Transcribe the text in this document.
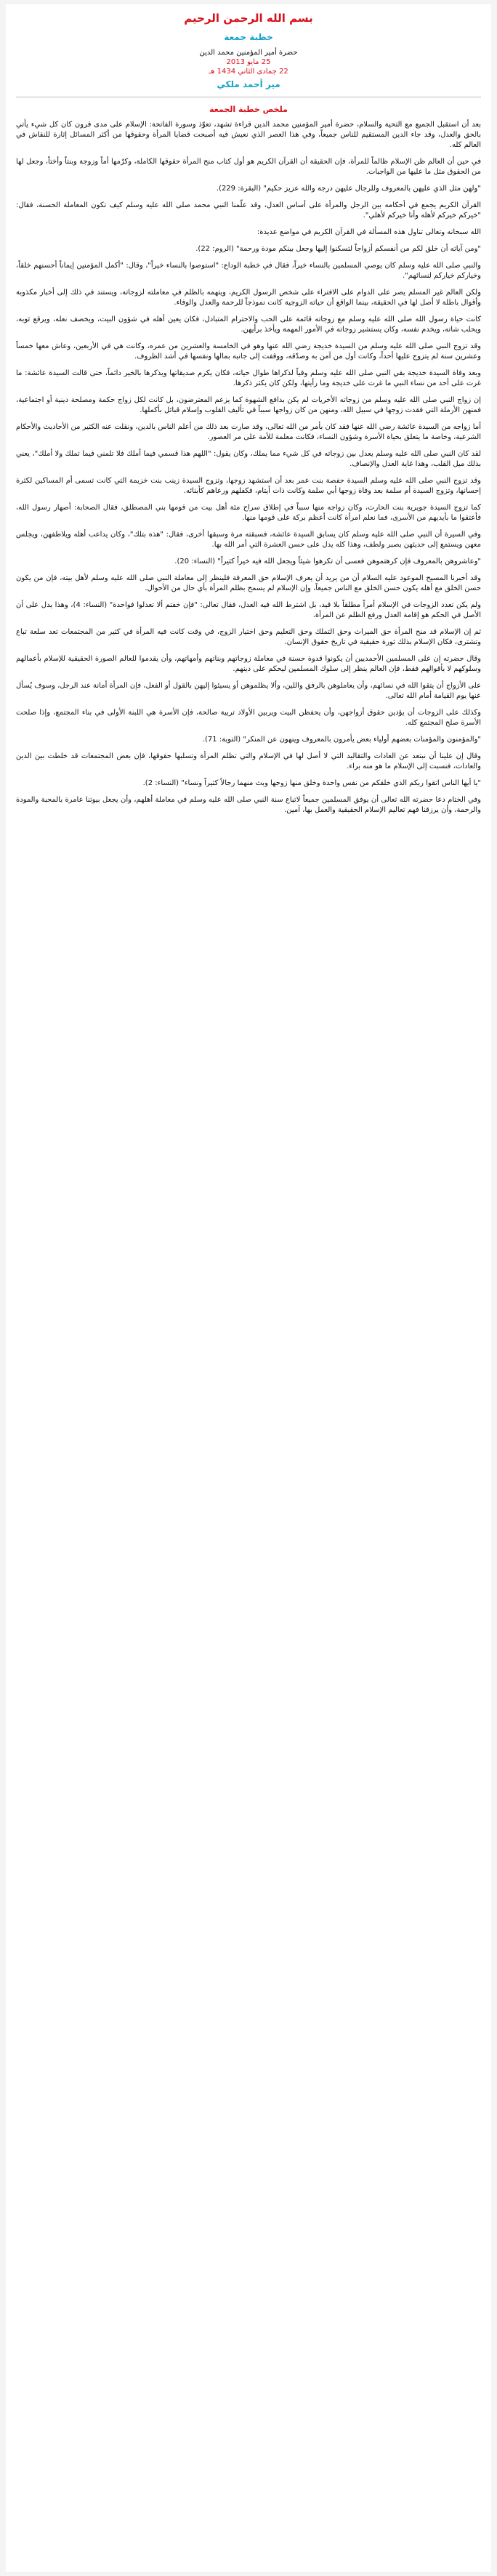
بسم الله الرحمن الرحيم

خطبة جمعة

حضرة أمير المؤمنين محمد الدين

25 مايو 2013

22 جمادى الثاني 1434 هـ

مير أحمد ملكي

ملخص خطبة الجمعة

بعد أن استقبل الجميع مع التحية والسلام، حضرة أمير المؤمنين محمد الدين قراءة تشهد، تعوّذ وسورة الفاتحة: الإسلام على مدى قرون كان كل شيء يأتي بالحق والعدل، وقد جاء الدين المستقيم للناس جميعاً، وفي هذا العصر الذي نعيش فيه أصبحت قضايا المرأة وحقوقها من أكثر المسائل إثارة للنقاش في العالم كله.

في حين أن العالم ظن الإسلام ظالماً للمرأة، فإن الحقيقة أن القرآن الكريم هو أول كتاب منح المرأة حقوقها الكاملة، وكرّمها أماً وزوجة وبنتاً وأختاً، وجعل لها من الحقوق مثل ما عليها من الواجبات.

"ولهن مثل الذي عليهن بالمعروف وللرجال عليهن درجة والله عزيز حكيم" (البقرة: 229).

القرآن الكريم يجمع في أحكامه بين الرجل والمرأة على أساس العدل، وقد علّمنا النبي محمد صلى الله عليه وسلم كيف تكون المعاملة الحسنة، فقال: "خيركم خيركم لأهله وأنا خيركم لأهلي".

الله سبحانه وتعالى تناول هذه المسألة في القرآن الكريم في مواضع عديدة:

"ومن آياته أن خلق لكم من أنفسكم أزواجاً لتسكنوا إليها وجعل بينكم مودة ورحمة" (الروم: 22).

والنبي صلى الله عليه وسلم كان يوصي المسلمين بالنساء خيراً، فقال في خطبة الوداع: "استوصوا بالنساء خيراً"، وقال: "أكمل المؤمنين إيماناً أحسنهم خلقاً، وخياركم خياركم لنسائهم".

ولكن العالم غير المسلم يصر على الدوام على الافتراء على شخص الرسول الكريم، ويتهمه بالظلم في معاملته لزوجاته، ويستند في ذلك إلى أخبار مكذوبة وأقوال باطلة لا أصل لها في الحقيقة، بينما الواقع أن حياته الزوجية كانت نموذجاً للرحمة والعدل والوفاء.

كانت حياة رسول الله صلى الله عليه وسلم مع زوجاته قائمة على الحب والاحترام المتبادل، فكان يعين أهله في شؤون البيت، ويخصف نعله، ويرقع ثوبه، ويحلب شاته، ويخدم نفسه، وكان يستشير زوجاته في الأمور المهمة ويأخذ برأيهن.

وقد تزوج النبي صلى الله عليه وسلم من السيدة خديجة رضي الله عنها وهو في الخامسة والعشرين من عمره، وكانت هي في الأربعين، وعاش معها خمساً وعشرين سنة لم يتزوج عليها أحداً، وكانت أول من آمن به وصدّقه، ووقفت إلى جانبه بمالها ونفسها في أشد الظروف.

وبعد وفاة السيدة خديجة بقي النبي صلى الله عليه وسلم وفياً لذكراها طوال حياته، فكان يكرم صديقاتها ويذكرها بالخير دائماً، حتى قالت السيدة عائشة: ما غرت على أحد من نساء النبي ما غرت على خديجة وما رأيتها، ولكن كان يكثر ذكرها.

إن زواج النبي صلى الله عليه وسلم من زوجاته الأخريات لم يكن بدافع الشهوة كما يزعم المعترضون، بل كانت لكل زواج حكمة ومصلحة دينية أو اجتماعية، فمنهن الأرملة التي فقدت زوجها في سبيل الله، ومنهن من كان زواجها سبباً في تأليف القلوب وإسلام قبائل بأكملها.

أما زواجه من السيدة عائشة رضي الله عنها فقد كان بأمر من الله تعالى، وقد صارت بعد ذلك من أعلم الناس بالدين، ونقلت عنه الكثير من الأحاديث والأحكام الشرعية، وخاصة ما يتعلق بحياة الأسرة وشؤون النساء، فكانت معلمة للأمة على مر العصور.

لقد كان النبي صلى الله عليه وسلم يعدل بين زوجاته في كل شيء مما يملك، وكان يقول: "اللهم هذا قسمي فيما أملك فلا تلمني فيما تملك ولا أملك"، يعني بذلك ميل القلب، وهذا غاية العدل والإنصاف.

وقد تزوج النبي صلى الله عليه وسلم السيدة حفصة بنت عمر بعد أن استشهد زوجها، وتزوج السيدة زينب بنت خزيمة التي كانت تسمى أم المساكين لكثرة إحسانها، وتزوج السيدة أم سلمة بعد وفاة زوجها أبي سلمة وكانت ذات أيتام، فكفلهم ورعاهم كأبنائه.

كما تزوج السيدة جويرية بنت الحارث، وكان زواجه منها سبباً في إطلاق سراح مئة أهل بيت من قومها بني المصطلق، فقال الصحابة: أصهار رسول الله، فأعتقوا ما بأيديهم من الأسرى، فما نعلم امرأة كانت أعظم بركة على قومها منها.

وفي السيرة أن النبي صلى الله عليه وسلم كان يسابق السيدة عائشة، فسبقته مرة وسبقها أخرى، فقال: "هذه بتلك"، وكان يداعب أهله ويلاطفهن، ويجلس معهن ويستمع إلى حديثهن بصبر ولطف، وهذا كله يدل على حسن العشرة التي أمر الله بها.

"وعاشروهن بالمعروف فإن كرهتموهن فعسى أن تكرهوا شيئاً ويجعل الله فيه خيراً كثيراً" (النساء: 20).

وقد أخبرنا المسيح الموعود عليه السلام أن من يريد أن يعرف الإسلام حق المعرفة فلينظر إلى معاملة النبي صلى الله عليه وسلم لأهل بيته، فإن من يكون حسن الخلق مع أهله يكون حسن الخلق مع الناس جميعاً، وإن الإسلام لم يسمح بظلم المرأة بأي حال من الأحوال.

ولم يكن تعدد الزوجات في الإسلام أمراً مطلقاً بلا قيد، بل اشترط الله فيه العدل، فقال تعالى: "فإن خفتم ألا تعدلوا فواحدة" (النساء: 4)، وهذا يدل على أن الأصل في الحكم هو إقامة العدل ورفع الظلم عن المرأة.

ثم إن الإسلام قد منح المرأة حق الميراث وحق التملك وحق التعليم وحق اختيار الزوج، في وقت كانت فيه المرأة في كثير من المجتمعات تعد سلعة تباع وتشترى، فكان الإسلام بذلك ثورة حقيقية في تاريخ حقوق الإنسان.

وقال حضرته إن على المسلمين الأحمديين أن يكونوا قدوة حسنة في معاملة زوجاتهم وبناتهم وأمهاتهم، وأن يقدموا للعالم الصورة الحقيقية للإسلام بأعمالهم وسلوكهم لا بأقوالهم فقط، فإن العالم ينظر إلى سلوك المسلمين ليحكم على دينهم.

على الأزواج أن يتقوا الله في نسائهم، وأن يعاملوهن بالرفق واللين، وألا يظلموهن أو يسيئوا إليهن بالقول أو الفعل، فإن المرأة أمانة عند الرجل، وسوف يُسأل عنها يوم القيامة أمام الله تعالى.

وكذلك على الزوجات أن يؤدين حقوق أزواجهن، وأن يحفظن البيت ويربين الأولاد تربية صالحة، فإن الأسرة هي اللبنة الأولى في بناء المجتمع، وإذا صلحت الأسرة صلح المجتمع كله.

"والمؤمنون والمؤمنات بعضهم أولياء بعض يأمرون بالمعروف وينهون عن المنكر" (التوبة: 71).

وقال إن علينا أن نبتعد عن العادات والتقاليد التي لا أصل لها في الإسلام والتي تظلم المرأة وتسلبها حقوقها، فإن بعض المجتمعات قد خلطت بين الدين والعادات، فنسبت إلى الإسلام ما هو منه براء.

"يا أيها الناس اتقوا ربكم الذي خلقكم من نفس واحدة وخلق منها زوجها وبث منهما رجالاً كثيراً ونساء" (النساء: 2).

وفي الختام دعا حضرته الله تعالى أن يوفق المسلمين جميعاً لاتباع سنة النبي صلى الله عليه وسلم في معاملة أهلهم، وأن يجعل بيوتنا عامرة بالمحبة والمودة والرحمة، وأن يرزقنا فهم تعاليم الإسلام الحقيقية والعمل بها، آمين.
